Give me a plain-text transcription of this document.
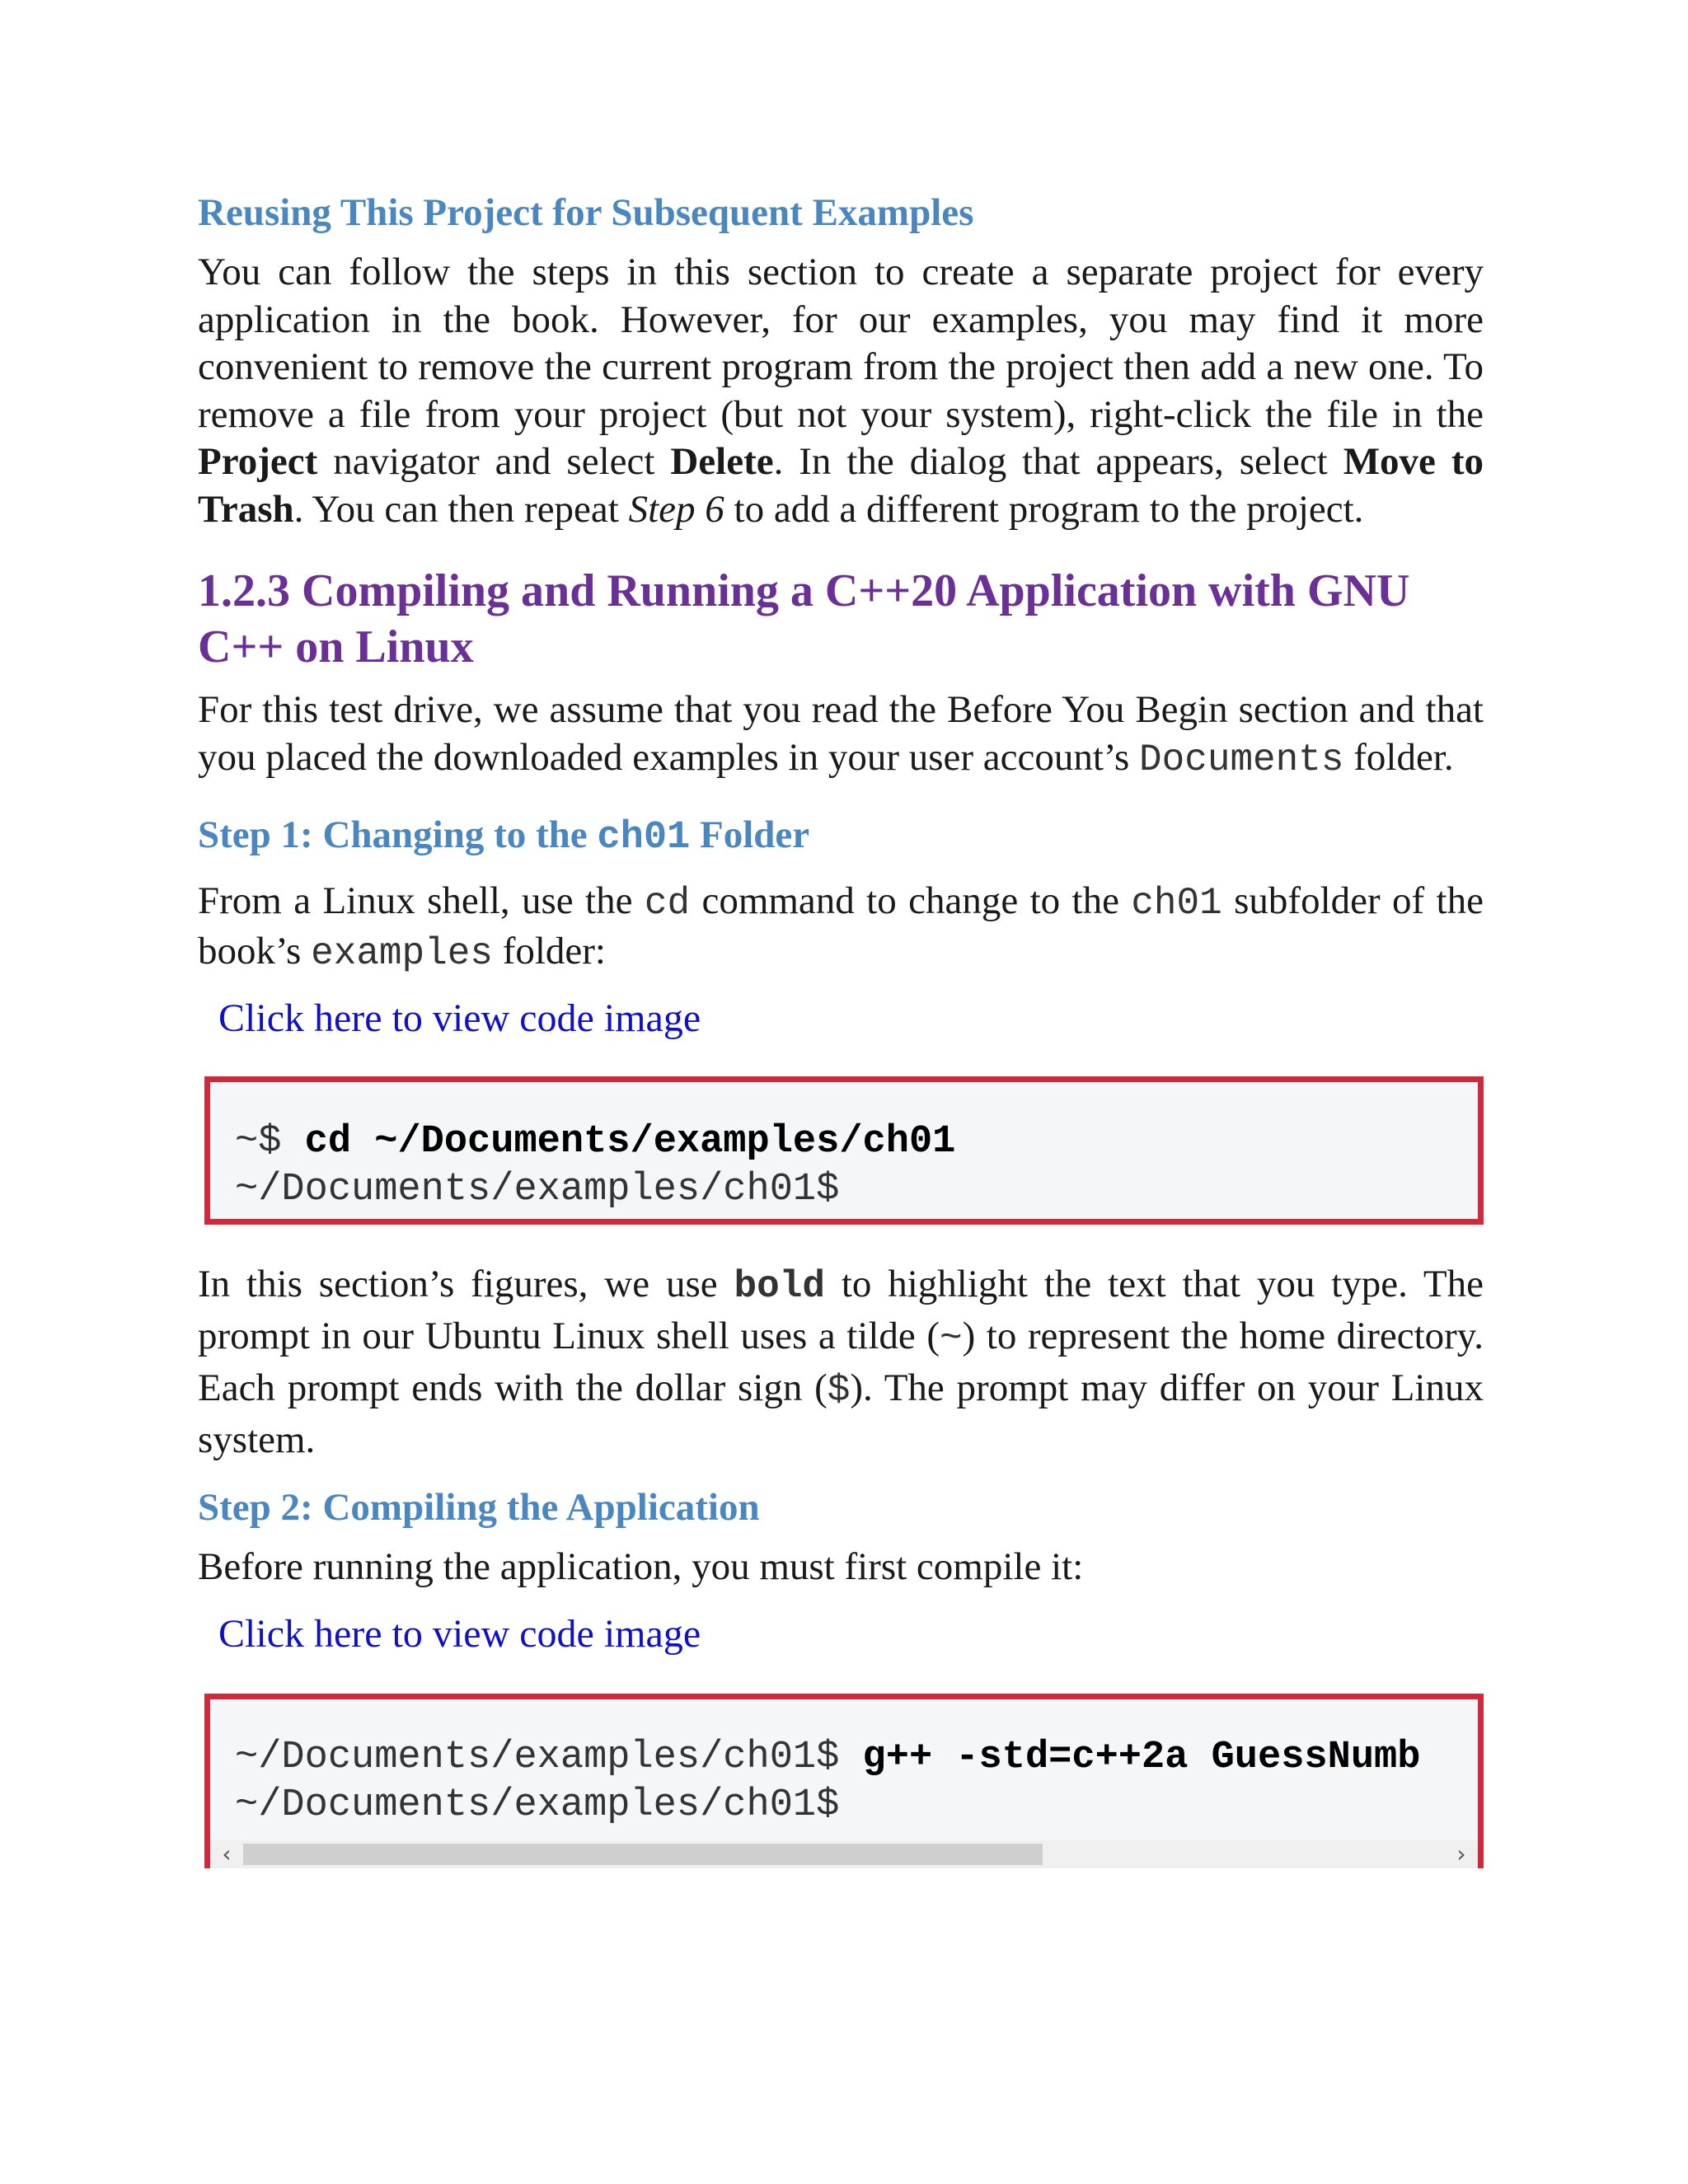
Reusing This Project for Subsequent Examples

You can follow the steps in this section to create a separate project for every application in the book. However, for our examples, you may find it more convenient to remove the current program from the project then add a new one. To remove a file from your project (but not your system), right-click the file in the Project navigator and select Delete. In the dialog that appears, select Move to Trash. You can then repeat Step 6 to add a different program to the project.

1.2.3 Compiling and Running a C++20 Application with GNU C++ on Linux

For this test drive, we assume that you read the Before You Begin section and that you placed the downloaded examples in your user account’s Documents folder.

Step 1: Changing to the ch01 Folder

From a Linux shell, use the cd command to change to the ch01 subfolder of the book’s examples folder:

Click here to view code image

~$ cd ~/Documents/examples/ch01
~/Documents/examples/ch01$

In this section’s figures, we use bold to highlight the text that you type. The prompt in our Ubuntu Linux shell uses a tilde (~) to represent the home directory. Each prompt ends with the dollar sign ($). The prompt may differ on your Linux system.

Step 2: Compiling the Application

Before running the application, you must first compile it:

Click here to view code image

~/Documents/examples/ch01$ g++ -std=c++2a GuessNumb
~/Documents/examples/ch01$
‹	›
